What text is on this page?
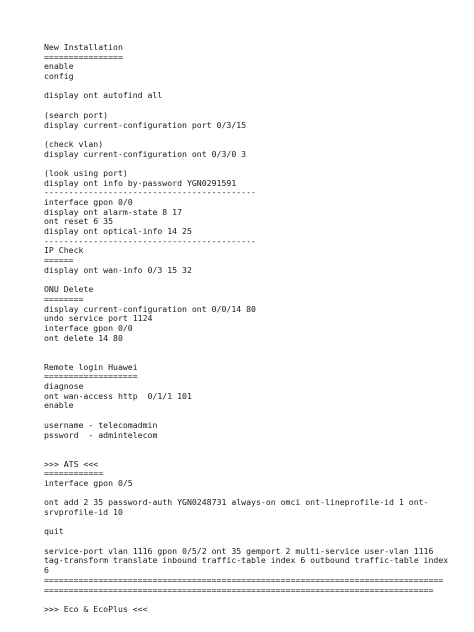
New Installation
================
enable
config
display ont autofind all
(search port)
display current-configuration port 0/3/15
(check vlan)
display current-configuration ont 0/3/0 3
(look using port)
display ont info by-password YGN0291591
-------------------------------------------
interface gpon 0/0
display ont alarm-state 8 17
ont reset 6 35
display ont optical-info 14 25
-------------------------------------------
IP Check
======
display ont wan-info 0/3 15 32
ONU Delete
========
display current-configuration ont 0/0/14 80
undo service port 1124
interface gpon 0/0
ont delete 14 80
Remote login Huawei
===================
diagnose
ont wan-access http  0/1/1 101
enable
username - telecomadmin
pssword  - admintelecom
>>> ATS <<<
============
interface gpon 0/5
ont add 2 35 password-auth YGN0248731 always-on omci ont-lineprofile-id 1 ont-
srvprofile-id 10
quit
service-port vlan 1116 gpon 0/5/2 ont 35 gemport 2 multi-service user-vlan 1116
tag-transform translate inbound traffic-table index 6 outbound traffic-table index
6
=================================================================================
===============================================================================
>>> Eco & EcoPlus <<<
